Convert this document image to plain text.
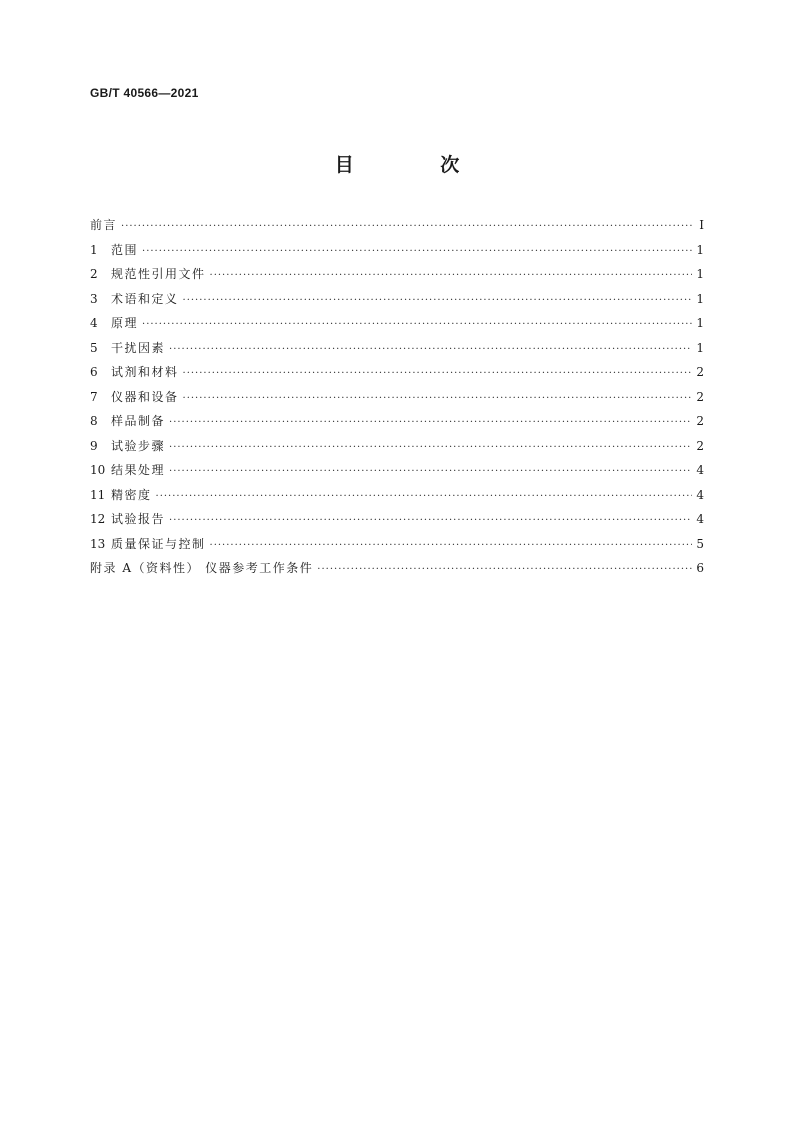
GB/T 40566—2021
目 次
前言 ·····	Ⅰ
1	范围 ·····	1
2	规范性引用文件 ·····	1
3	术语和定义 ·····	1
4	原理 ·····	1
5	干扰因素 ·····	1
6	试剂和材料 ·····	2
7	仪器和设备 ·····	2
8	样品制备 ·····	2
9	试验步骤 ·····	2
10 结果处理 ·····	4
11 精密度 ·····	4
12 试验报告 ·····	4
13 质量保证与控制 ·····	5
附录 A（资料性） 仪器参考工作条件 ·····	6
